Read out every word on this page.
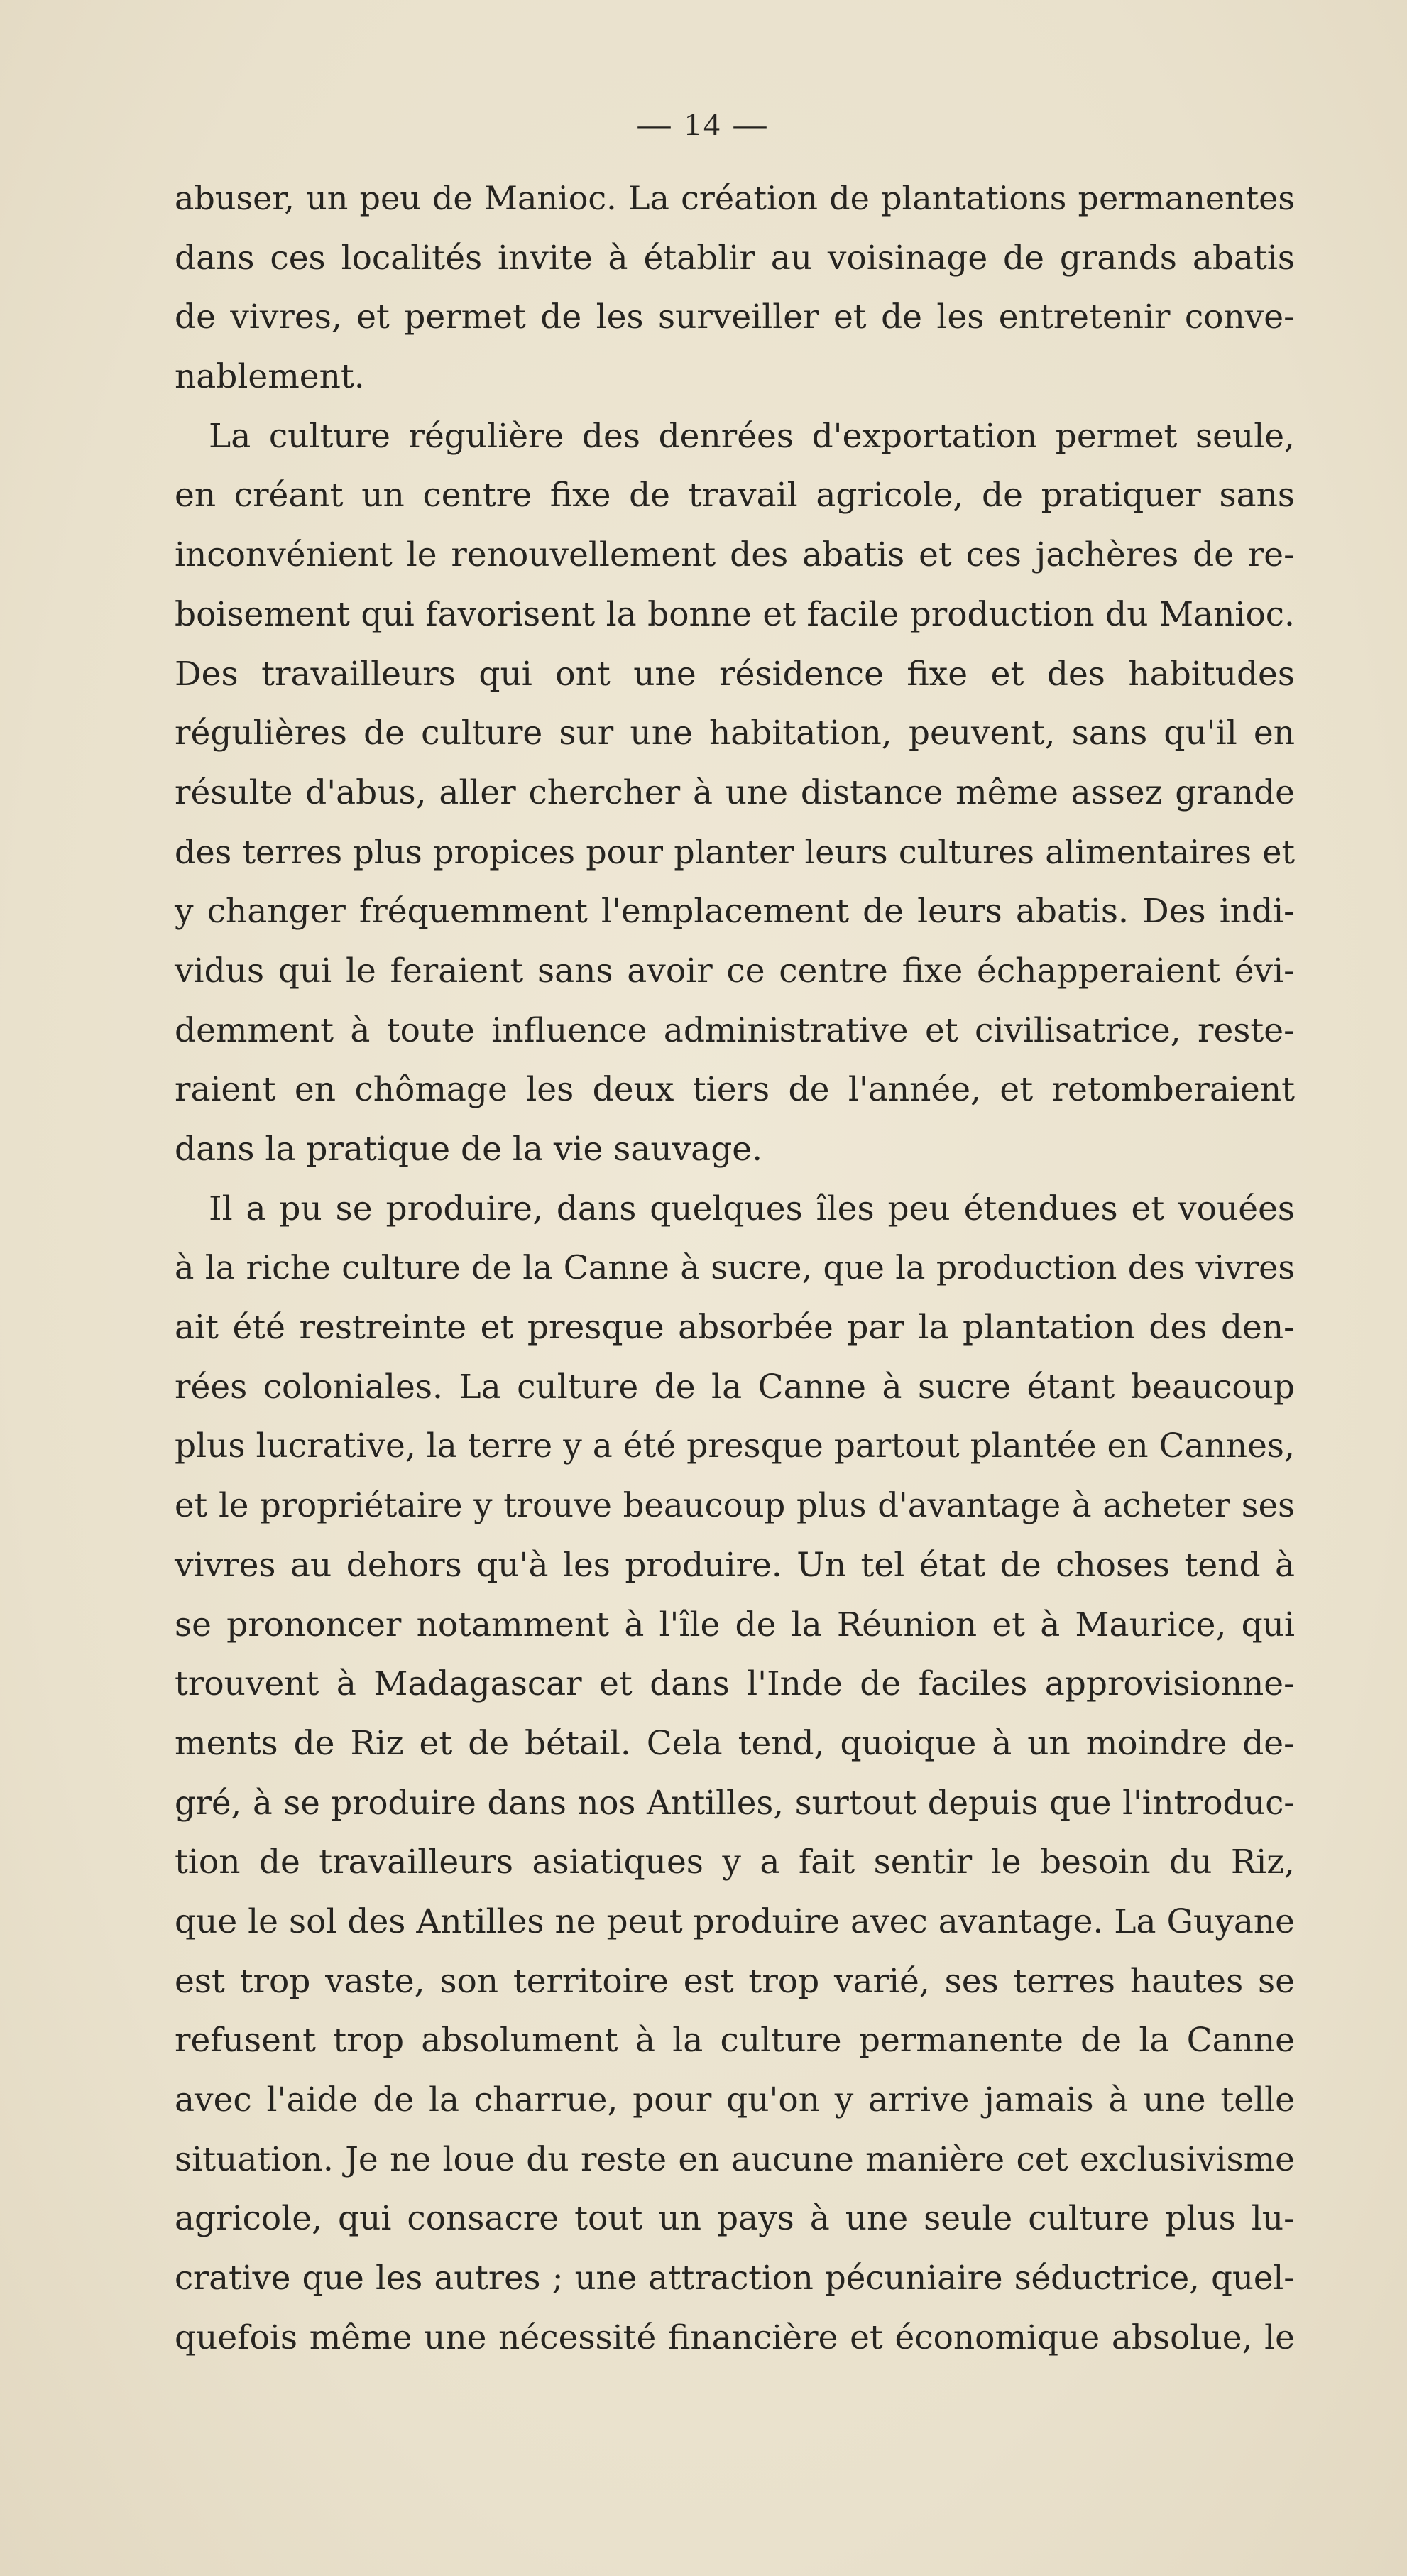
— 14 —
abuser, un peu de Manioc. La création de plantations permanentes
dans ces localités invite à établir au voisinage de grands abatis
de vivres, et permet de les surveiller et de les entretenir conve-
nablement.
La culture régulière des denrées d'exportation permet seule,
en créant un centre fixe de travail agricole, de pratiquer sans
inconvénient le renouvellement des abatis et ces jachères de re-
boisement qui favorisent la bonne et facile production du Manioc.
Des travailleurs qui ont une résidence fixe et des habitudes
régulières de culture sur une habitation, peuvent, sans qu'il en
résulte d'abus, aller chercher à une distance même assez grande
des terres plus propices pour planter leurs cultures alimentaires et
y changer fréquemment l'emplacement de leurs abatis. Des indi-
vidus qui le feraient sans avoir ce centre fixe échapperaient évi-
demment à toute influence administrative et civilisatrice, reste-
raient en chômage les deux tiers de l'année, et retomberaient
dans la pratique de la vie sauvage.
Il a pu se produire, dans quelques îles peu étendues et vouées
à la riche culture de la Canne à sucre, que la production des vivres
ait été restreinte et presque absorbée par la plantation des den-
rées coloniales. La culture de la Canne à sucre étant beaucoup
plus lucrative, la terre y a été presque partout plantée en Cannes,
et le propriétaire y trouve beaucoup plus d'avantage à acheter ses
vivres au dehors qu'à les produire. Un tel état de choses tend à
se prononcer notamment à l'île de la Réunion et à Maurice, qui
trouvent à Madagascar et dans l'Inde de faciles approvisionne-
ments de Riz et de bétail. Cela tend, quoique à un moindre de-
gré, à se produire dans nos Antilles, surtout depuis que l'introduc-
tion de travailleurs asiatiques y a fait sentir le besoin du Riz,
que le sol des Antilles ne peut produire avec avantage. La Guyane
est trop vaste, son territoire est trop varié, ses terres hautes se
refusent trop absolument à la culture permanente de la Canne
avec l'aide de la charrue, pour qu'on y arrive jamais à une telle
situation. Je ne loue du reste en aucune manière cet exclusivisme
agricole, qui consacre tout un pays à une seule culture plus lu-
crative que les autres ; une attraction pécuniaire séductrice, quel-
quefois même une nécessité financière et économique absolue, le
